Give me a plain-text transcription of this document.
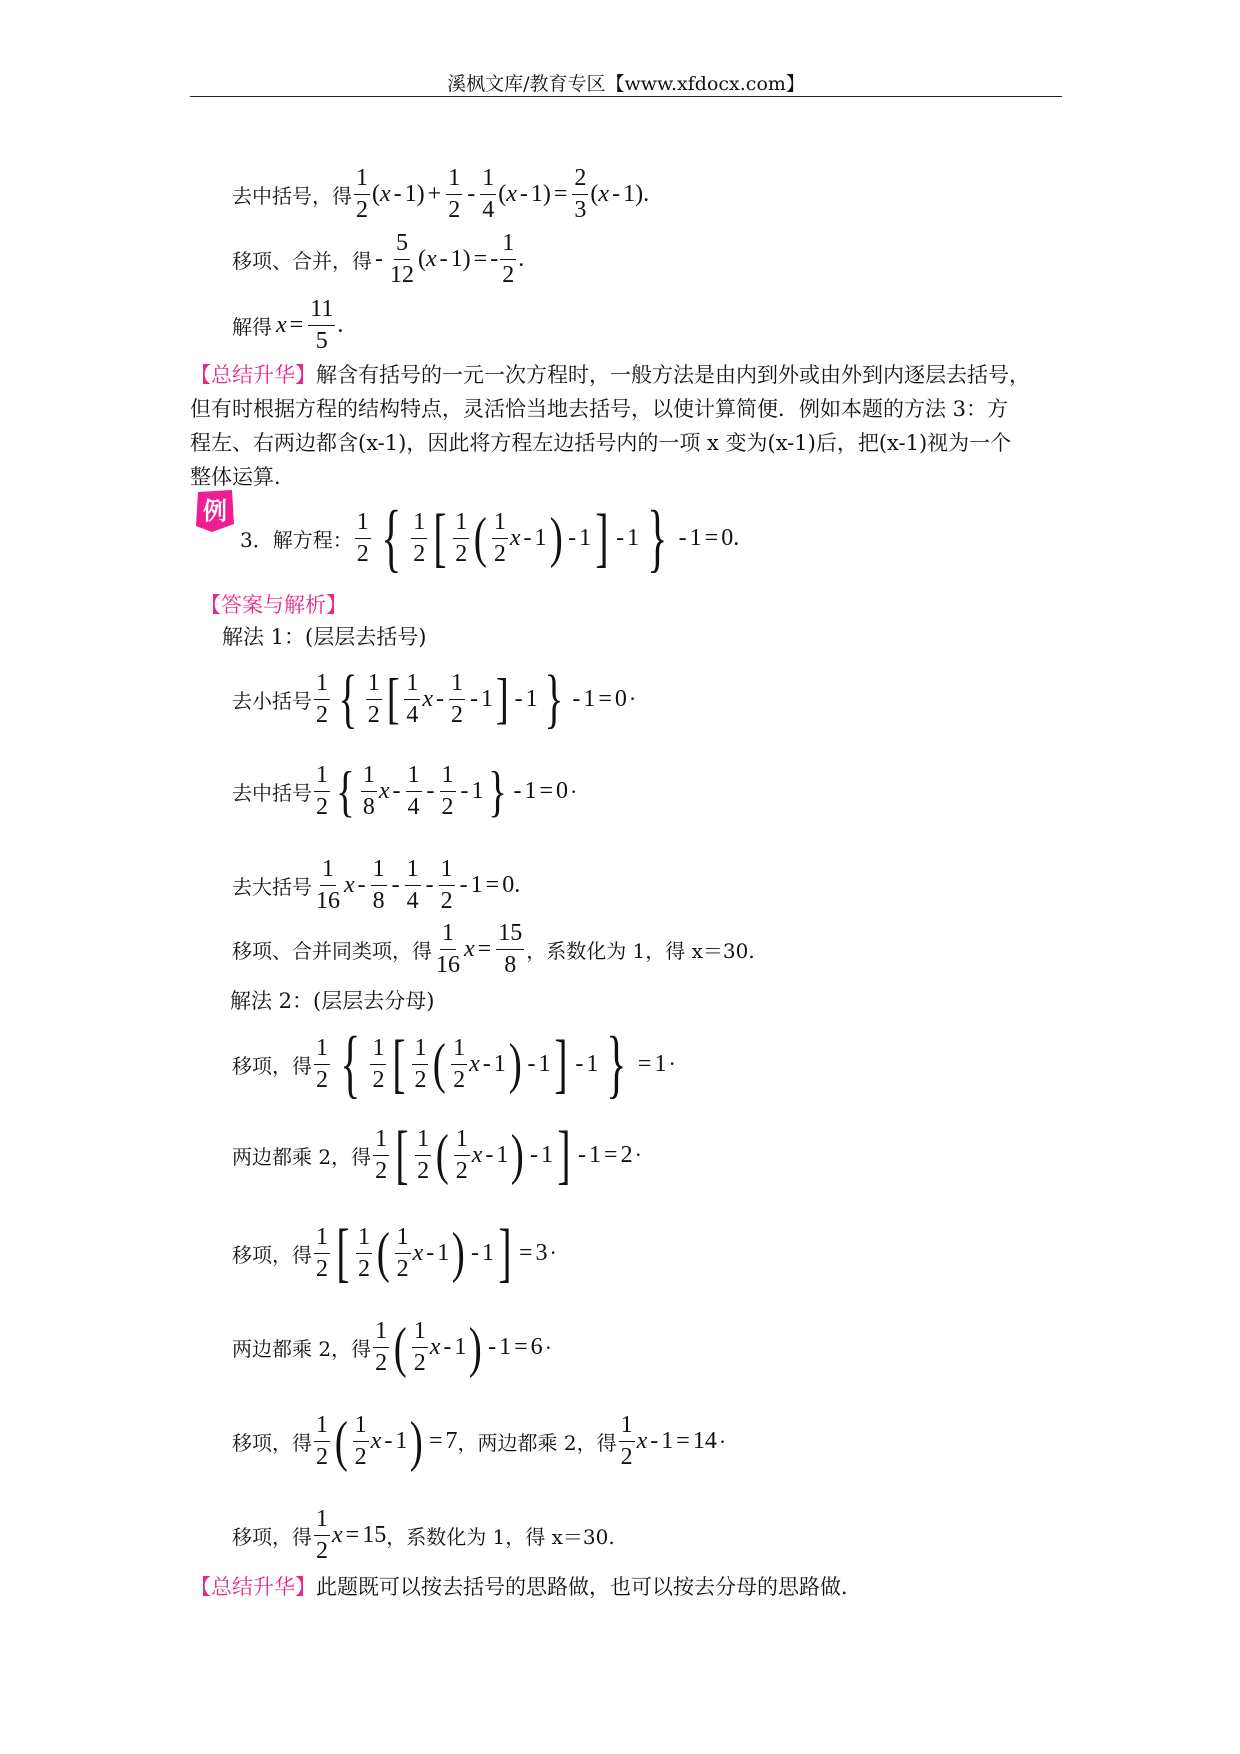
溪枫文库/教育专区【www.xfdocx.com】
去中括号，得 $\frac{1}{2}$ ( x - 1 ) + $\frac{1}{2} - \frac{1}{4}$ ( x - 1 ) = $\frac{2}{3}$ ( x - 1 ) .
移项、合并，得 - $\frac{5}{12}$ ( x - 1 ) = - $\frac{1}{2}$ .
解得 $x = \frac{11}{5}$ .
【总结升华】解含有括号的一元一次方程时，一般方法是由内到外或由外到内逐层去括号，
但有时根据方程的结构特点，灵活恰当地去括号，以使计算简便．例如本题的方法 3：方
程左、右两边都含(x-1)，因此将方程左边括号内的一项 x 变为(x-1)后，把(x-1)视为一个
整体运算．
例
3．解方程： $\frac{1}{2}$ { $\frac{1}{2}$ [ $\frac{1}{2}$ ( $\frac{1}{2}$ x - 1 ) - 1 ] - 1 } - 1 = 0 .
【答案与解析】
解法 1：(层层去括号)
去小括号 $\frac{1}{2}$ { $\frac{1}{2}$ [ $\frac{1}{4}$ x - $\frac{1}{2} - 1$ ] - 1 } - 1 = 0 ·
去中括号 $\frac{1}{2}$ { $\frac{1}{8}$ x - $\frac{1}{4} - \frac{1}{2} - 1$ } - 1 = 0 ·
去大括号 $\frac{1}{16}$ $x - \frac{1}{8} - \frac{1}{4} - \frac{1}{2} - 1 = 0$ .
移项、合并同类项，得 $\frac{1}{16}$ $x = \frac{15}{8}$ ，系数化为 1，得 x＝30.
解法 2：(层层去分母)
移项，得 $\frac{1}{2}$ { $\frac{1}{2}$ [ $\frac{1}{2}$ ( $\frac{1}{2}$ x - 1 ) - 1 ] - 1 } = 1 ·
两边都乘 2，得 $\frac{1}{2}$ [ $\frac{1}{2}$ ( $\frac{1}{2}$ x - 1 ) - 1 ] - 1 = 2 ·
移项，得 $\frac{1}{2}$ [ $\frac{1}{2}$ ( $\frac{1}{2}$ x - 1 ) - 1 ] = 3 ·
两边都乘 2，得 $\frac{1}{2}$ ( $\frac{1}{2}$ x - 1 ) - 1 = 6 ·
移项，得 $\frac{1}{2}$ ( $\frac{1}{2}$ x - 1 ) = 7 ，两边都乘 2，得 $\frac{1}{2}$ x - 1 = 14 ·
移项，得 $\frac{1}{2}$ x = 15 ，系数化为 1，得 x＝30.
【总结升华】此题既可以按去括号的思路做，也可以按去分母的思路做．
